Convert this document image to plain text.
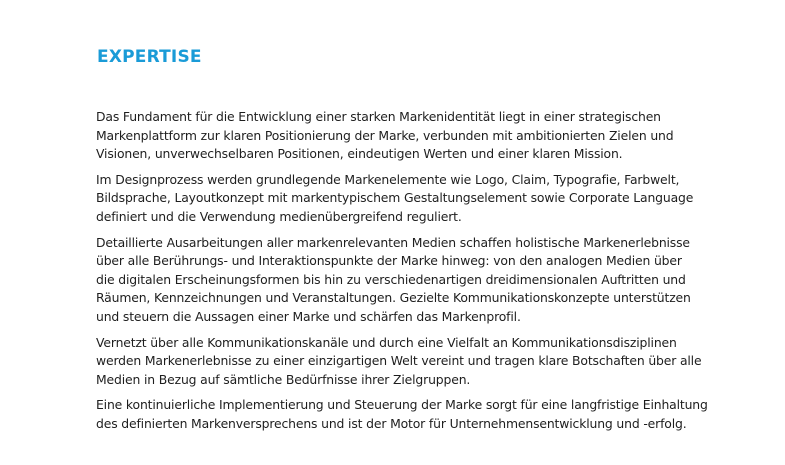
EXPERTISE

Das Fundament für die Entwicklung einer starken Markenidentität liegt in einer strategischen
Markenplattform zur klaren Positionierung der Marke, verbunden mit ambitionierten Zielen und
Visionen, unverwechselbaren Positionen, eindeutigen Werten und einer klaren Mission.

Im Designprozess werden grundlegende Markenelemente wie Logo, Claim, Typografie, Farbwelt,
Bildsprache, Layoutkonzept mit markentypischem Gestaltungselement sowie Corporate Language
definiert und die Verwendung medienübergreifend reguliert.

Detaillierte Ausarbeitungen aller markenrelevanten Medien schaffen holistische Markenerlebnisse
über alle Berührungs- und Interaktionspunkte der Marke hinweg: von den analogen Medien über
die digitalen Erscheinungsformen bis hin zu verschiedenartigen dreidimensionalen Auftritten und
Räumen, Kennzeichnungen und Veranstaltungen. Gezielte Kommunikationskonzepte unterstützen
und steuern die Aussagen einer Marke und schärfen das Markenprofil.

Vernetzt über alle Kommunikationskanäle und durch eine Vielfalt an Kommunikationsdisziplinen
werden Markenerlebnisse zu einer einzigartigen Welt vereint und tragen klare Botschaften über alle
Medien in Bezug auf sämtliche Bedürfnisse ihrer Zielgruppen.

Eine kontinuierliche Implementierung und Steuerung der Marke sorgt für eine langfristige Einhaltung
des definierten Markenversprechens und ist der Motor für Unternehmensentwicklung und -erfolg.
